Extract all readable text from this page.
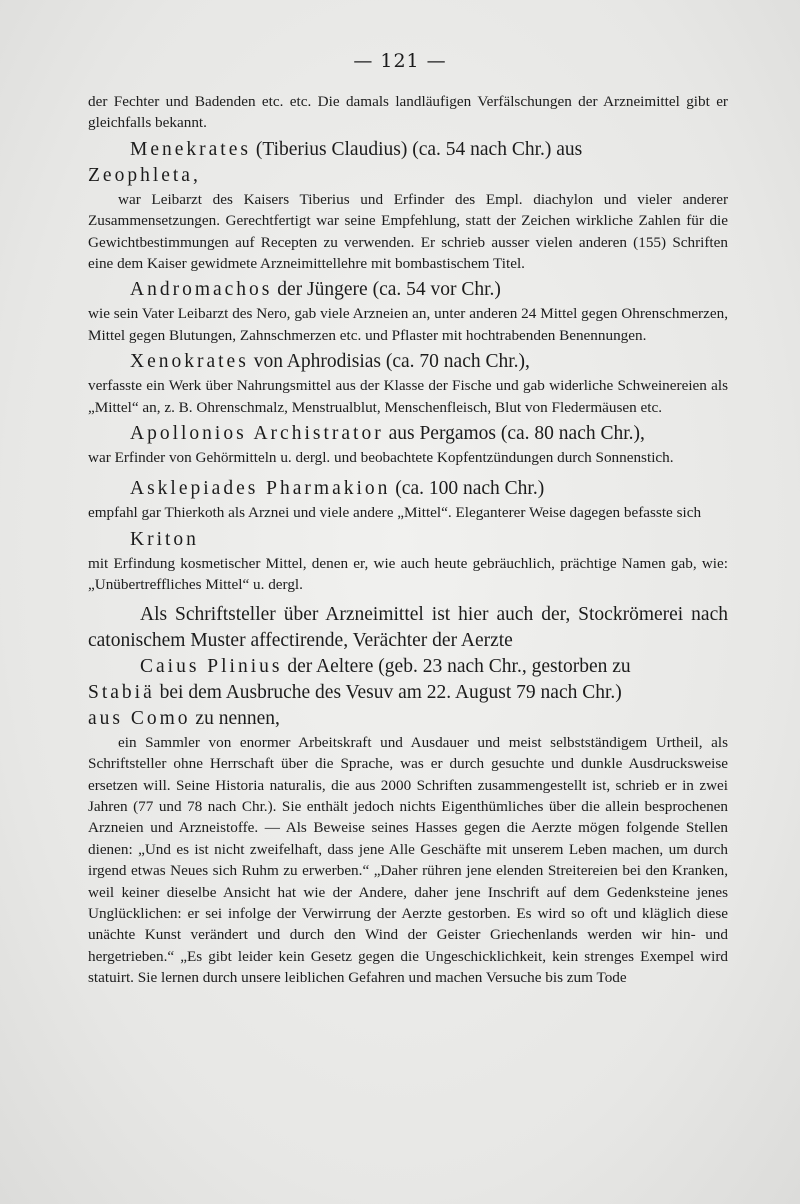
— 121 —

der Fechter und Badenden etc. etc. Die damals landläufigen Verfälschungen der Arzneimittel gibt er gleichfalls bekannt.

Menekrates (Tiberius Claudius) (ca. 54 nach Chr.) aus

Zeophleta,

war Leibarzt des Kaisers Tiberius und Erfinder des Empl. diachylon und vieler anderer Zusammensetzungen. Gerechtfertigt war seine Empfehlung, statt der Zeichen wirkliche Zahlen für die Gewichtbestimmungen auf Recepten zu verwenden. Er schrieb ausser vielen anderen (155) Schriften eine dem Kaiser gewidmete Arzneimittellehre mit bombastischem Titel.

Andromachos der Jüngere (ca. 54 vor Chr.)

wie sein Vater Leibarzt des Nero, gab viele Arzneien an, unter anderen 24 Mittel gegen Ohrenschmerzen, Mittel gegen Blutungen, Zahnschmerzen etc. und Pflaster mit hochtrabenden Benennungen.

Xenokrates von Aphrodisias (ca. 70 nach Chr.),

verfasste ein Werk über Nahrungsmittel aus der Klasse der Fische und gab widerliche Schweinereien als „Mittel“ an, z. B. Ohrenschmalz, Menstrualblut, Menschenfleisch, Blut von Fledermäusen etc.

Apollonios Archistrator aus Pergamos (ca. 80 nach Chr.),

war Erfinder von Gehörmitteln u. dergl. und beobachtete Kopfentzündungen durch Sonnenstich.

Asklepiades Pharmakion (ca. 100 nach Chr.)

empfahl gar Thierkoth als Arznei und viele andere „Mittel“. Eleganterer Weise dagegen befasste sich

Kriton

mit Erfindung kosmetischer Mittel, denen er, wie auch heute gebräuchlich, prächtige Namen gab, wie: „Unübertreffliches Mittel“ u. dergl.

Als Schriftsteller über Arzneimittel ist hier auch der, Stockrömerei nach catonischem Muster affectirende, Verächter der Aerzte

Caius Plinius der Aeltere (geb. 23 nach Chr., gestorben zu

Stabiä bei dem Ausbruche des Vesuv am 22. August 79 nach Chr.)

aus Como zu nennen,

ein Sammler von enormer Arbeitskraft und Ausdauer und meist selbstständigem Urtheil, als Schriftsteller ohne Herrschaft über die Sprache, was er durch gesuchte und dunkle Ausdrucksweise ersetzen will. Seine Historia naturalis, die aus 2000 Schriften zusammengestellt ist, schrieb er in zwei Jahren (77 und 78 nach Chr.). Sie enthält jedoch nichts Eigenthümliches über die allein besprochenen Arzneien und Arzneistoffe. — Als Beweise seines Hasses gegen die Aerzte mögen folgende Stellen dienen: „Und es ist nicht zweifelhaft, dass jene Alle Geschäfte mit unserem Leben machen, um durch irgend etwas Neues sich Ruhm zu erwerben.“ „Daher rühren jene elenden Streitereien bei den Kranken, weil keiner dieselbe Ansicht hat wie der Andere, daher jene Inschrift auf dem Gedenksteine jenes Unglücklichen: er sei infolge der Verwirrung der Aerzte gestorben. Es wird so oft und kläglich diese unächte Kunst verändert und durch den Wind der Geister Griechenlands werden wir hin- und hergetrieben.“ „Es gibt leider kein Gesetz gegen die Ungeschicklichkeit, kein strenges Exempel wird statuirt. Sie lernen durch unsere leiblichen Gefahren und machen Versuche bis zum Tode
